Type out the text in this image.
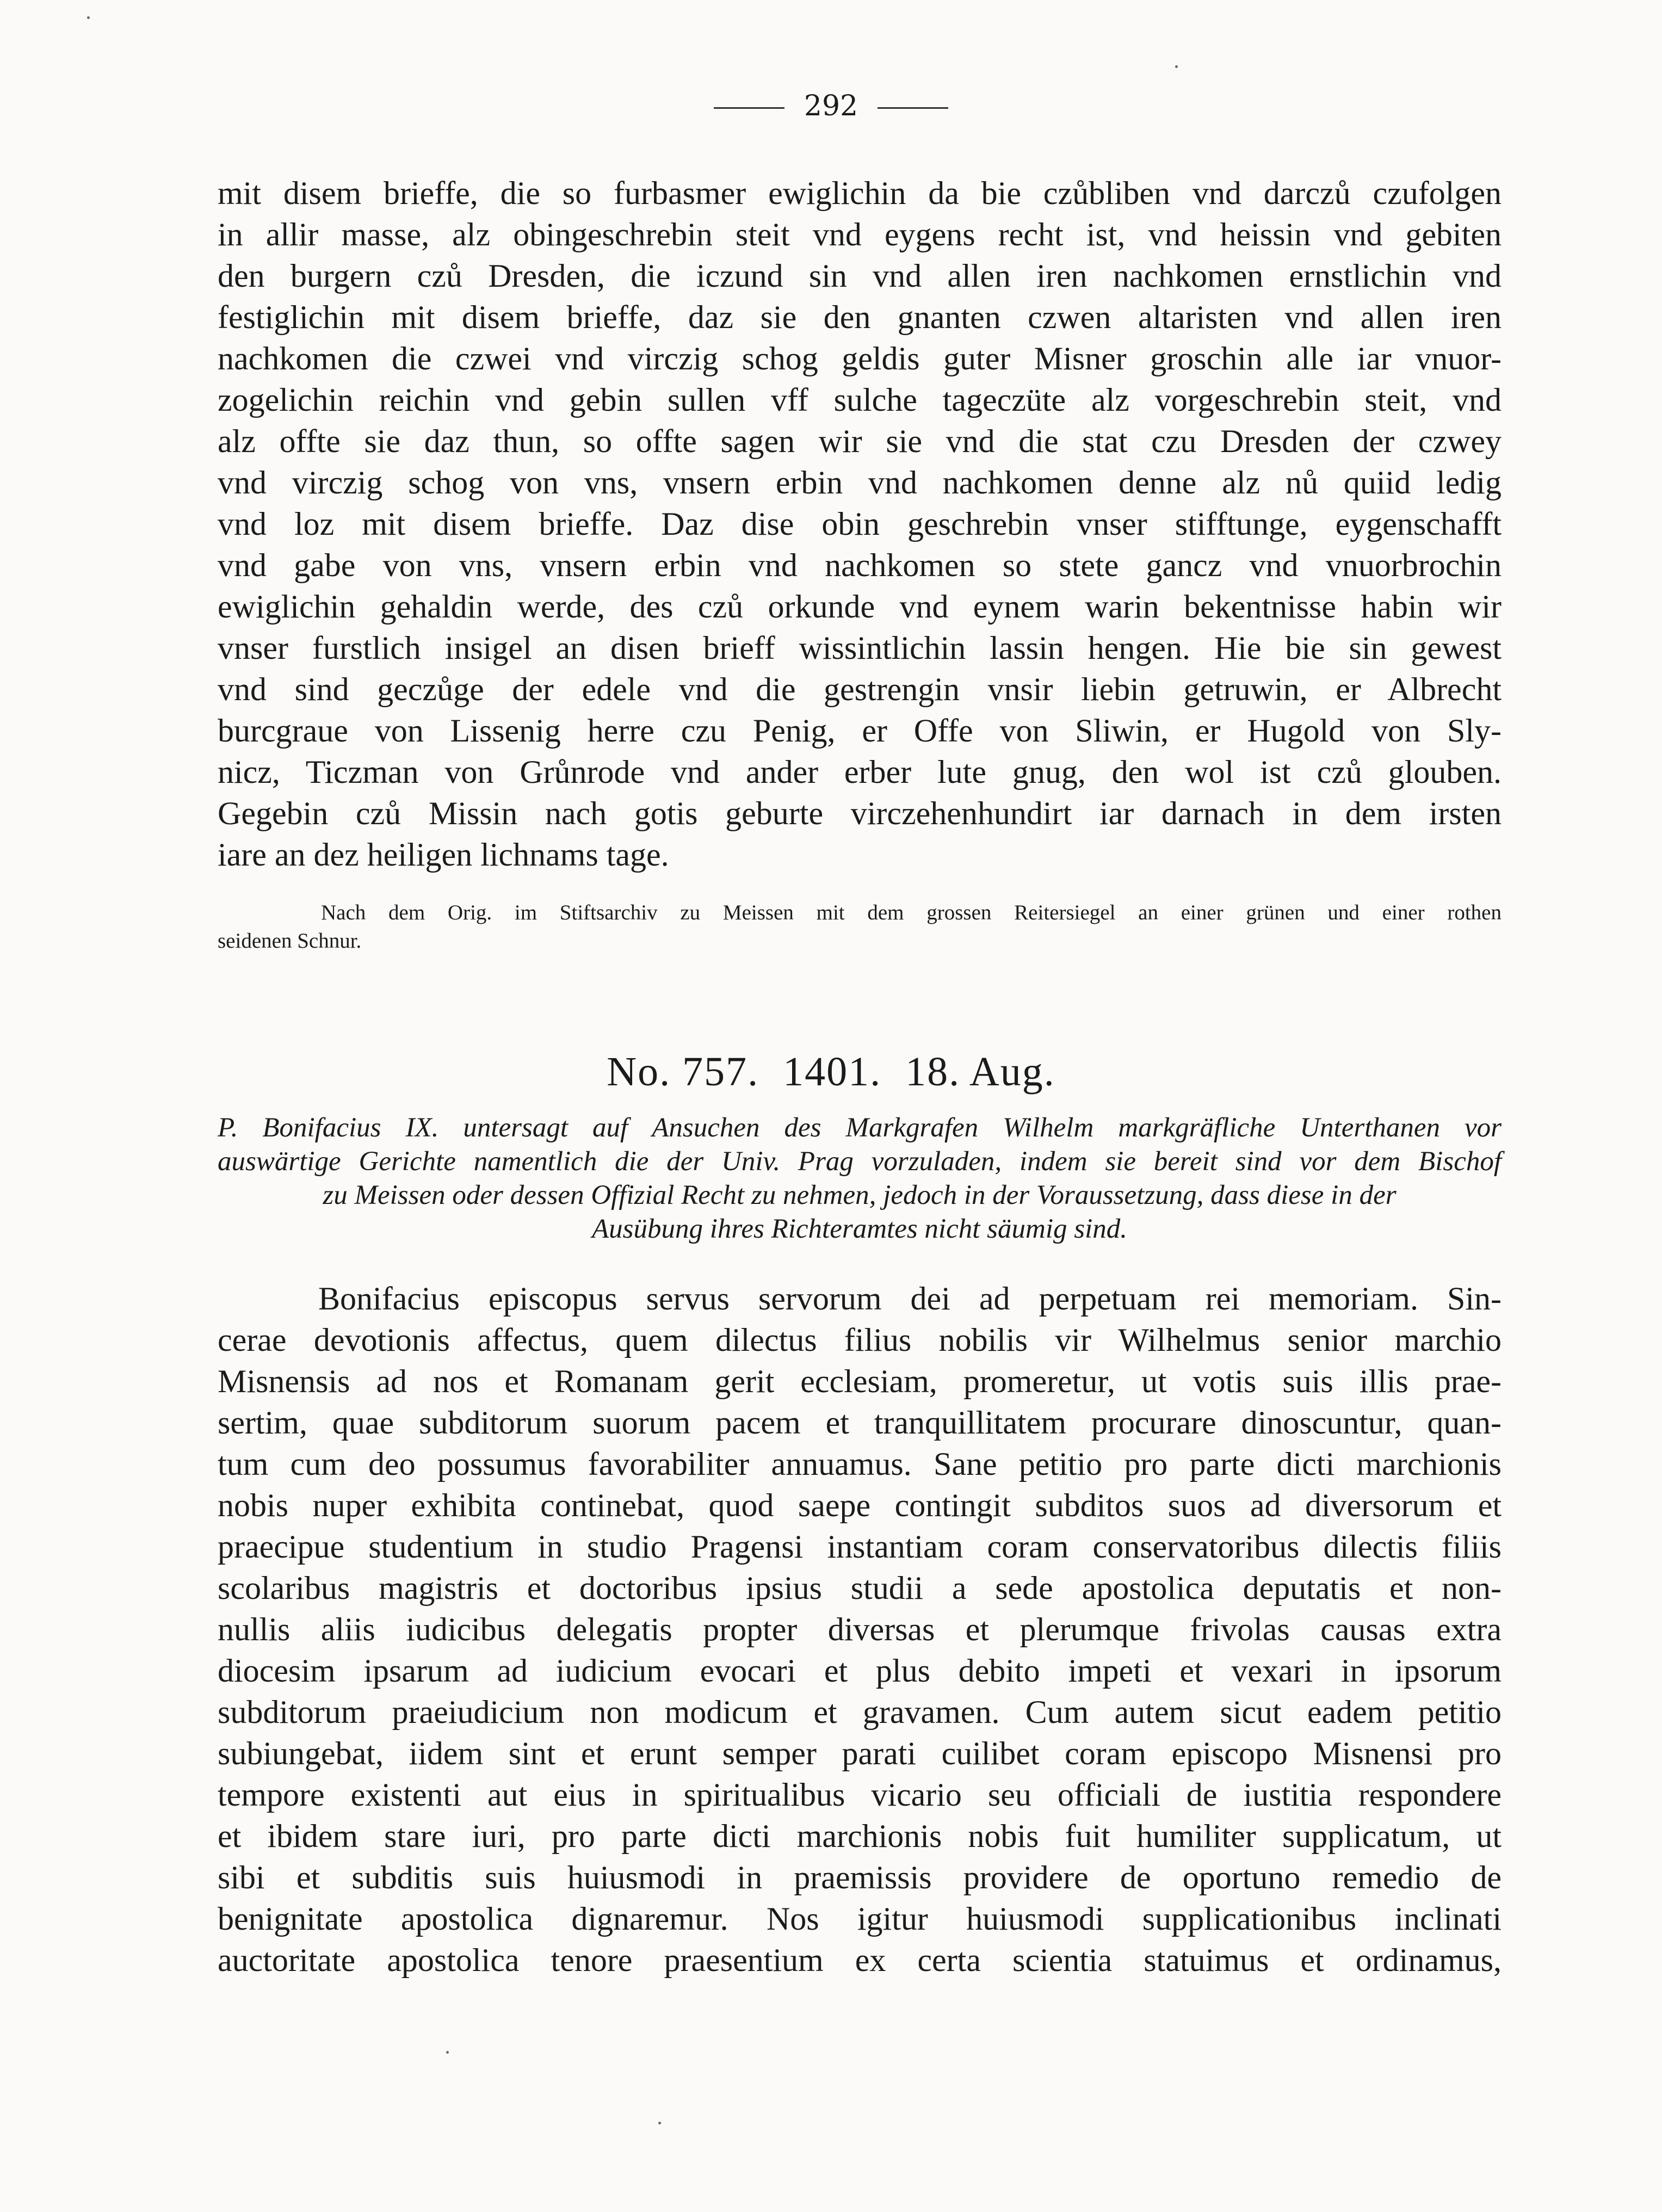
292

mit disem brieffe, die so furbasmer ewiglichin da bie czůbliben vnd darczů czufolgen

in allir masse, alz obingeschrebin steit vnd eygens recht ist, vnd heissin vnd gebiten

den burgern czů Dresden, die iczund sin vnd allen iren nachkomen ernstlichin vnd

festiglichin mit disem brieffe, daz sie den gnanten czwen altaristen vnd allen iren

nachkomen die czwei vnd virczig schog geldis guter Misner groschin alle iar vnuor-

zogelichin reichin vnd gebin sullen vff sulche tageczüte alz vorgeschrebin steit, vnd

alz offte sie daz thun, so offte sagen wir sie vnd die stat czu Dresden der czwey

vnd virczig schog von vns, vnsern erbin vnd nachkomen denne alz nů quiid ledig

vnd loz mit disem brieffe. Daz dise obin geschrebin vnser stifftunge, eygenschafft

vnd gabe von vns, vnsern erbin vnd nachkomen so stete gancz vnd vnuorbrochin

ewiglichin gehaldin werde, des czů orkunde vnd eynem warin bekentnisse habin wir

vnser furstlich insigel an disen brieff wissintlichin lassin hengen. Hie bie sin gewest

vnd sind geczůge der edele vnd die gestrengin vnsir liebin getruwin, er Albrecht

burcgraue von Lissenig herre czu Penig, er Offe von Sliwin, er Hugold von Sly-

nicz, Ticzman von Grůnrode vnd ander erber lute gnug, den wol ist czů glouben.

Gegebin czů Missin nach gotis geburte virczehenhundirt iar darnach in dem irsten

iare an dez heiligen lichnams tage.

Nach dem Orig. im Stiftsarchiv zu Meissen mit dem grossen Reitersiegel an einer grünen und einer rothen

seidenen Schnur.

No. 757. 1401. 18. Aug.

P. Bonifacius IX. untersagt auf Ansuchen des Markgrafen Wilhelm markgräfliche Unterthanen vor

auswärtige Gerichte namentlich die der Univ. Prag vorzuladen, indem sie bereit sind vor dem Bischof

zu Meissen oder dessen Offizial Recht zu nehmen, jedoch in der Voraussetzung, dass diese in der

Ausübung ihres Richteramtes nicht säumig sind.

Bonifacius episcopus servus servorum dei ad perpetuam rei memoriam. Sin-

cerae devotionis affectus, quem dilectus filius nobilis vir Wilhelmus senior marchio

Misnensis ad nos et Romanam gerit ecclesiam, promeretur, ut votis suis illis prae-

sertim, quae subditorum suorum pacem et tranquillitatem procurare dinoscuntur, quan-

tum cum deo possumus favorabiliter annuamus. Sane petitio pro parte dicti marchionis

nobis nuper exhibita continebat, quod saepe contingit subditos suos ad diversorum et

praecipue studentium in studio Pragensi instantiam coram conservatoribus dilectis filiis

scolaribus magistris et doctoribus ipsius studii a sede apostolica deputatis et non-

nullis aliis iudicibus delegatis propter diversas et plerumque frivolas causas extra

diocesim ipsarum ad iudicium evocari et plus debito impeti et vexari in ipsorum

subditorum praeiudicium non modicum et gravamen. Cum autem sicut eadem petitio

subiungebat, iidem sint et erunt semper parati cuilibet coram episcopo Misnensi pro

tempore existenti aut eius in spiritualibus vicario seu officiali de iustitia respondere

et ibidem stare iuri, pro parte dicti marchionis nobis fuit humiliter supplicatum, ut

sibi et subditis suis huiusmodi in praemissis providere de oportuno remedio de

benignitate apostolica dignaremur. Nos igitur huiusmodi supplicationibus inclinati

auctoritate apostolica tenore praesentium ex certa scientia statuimus et ordinamus,
